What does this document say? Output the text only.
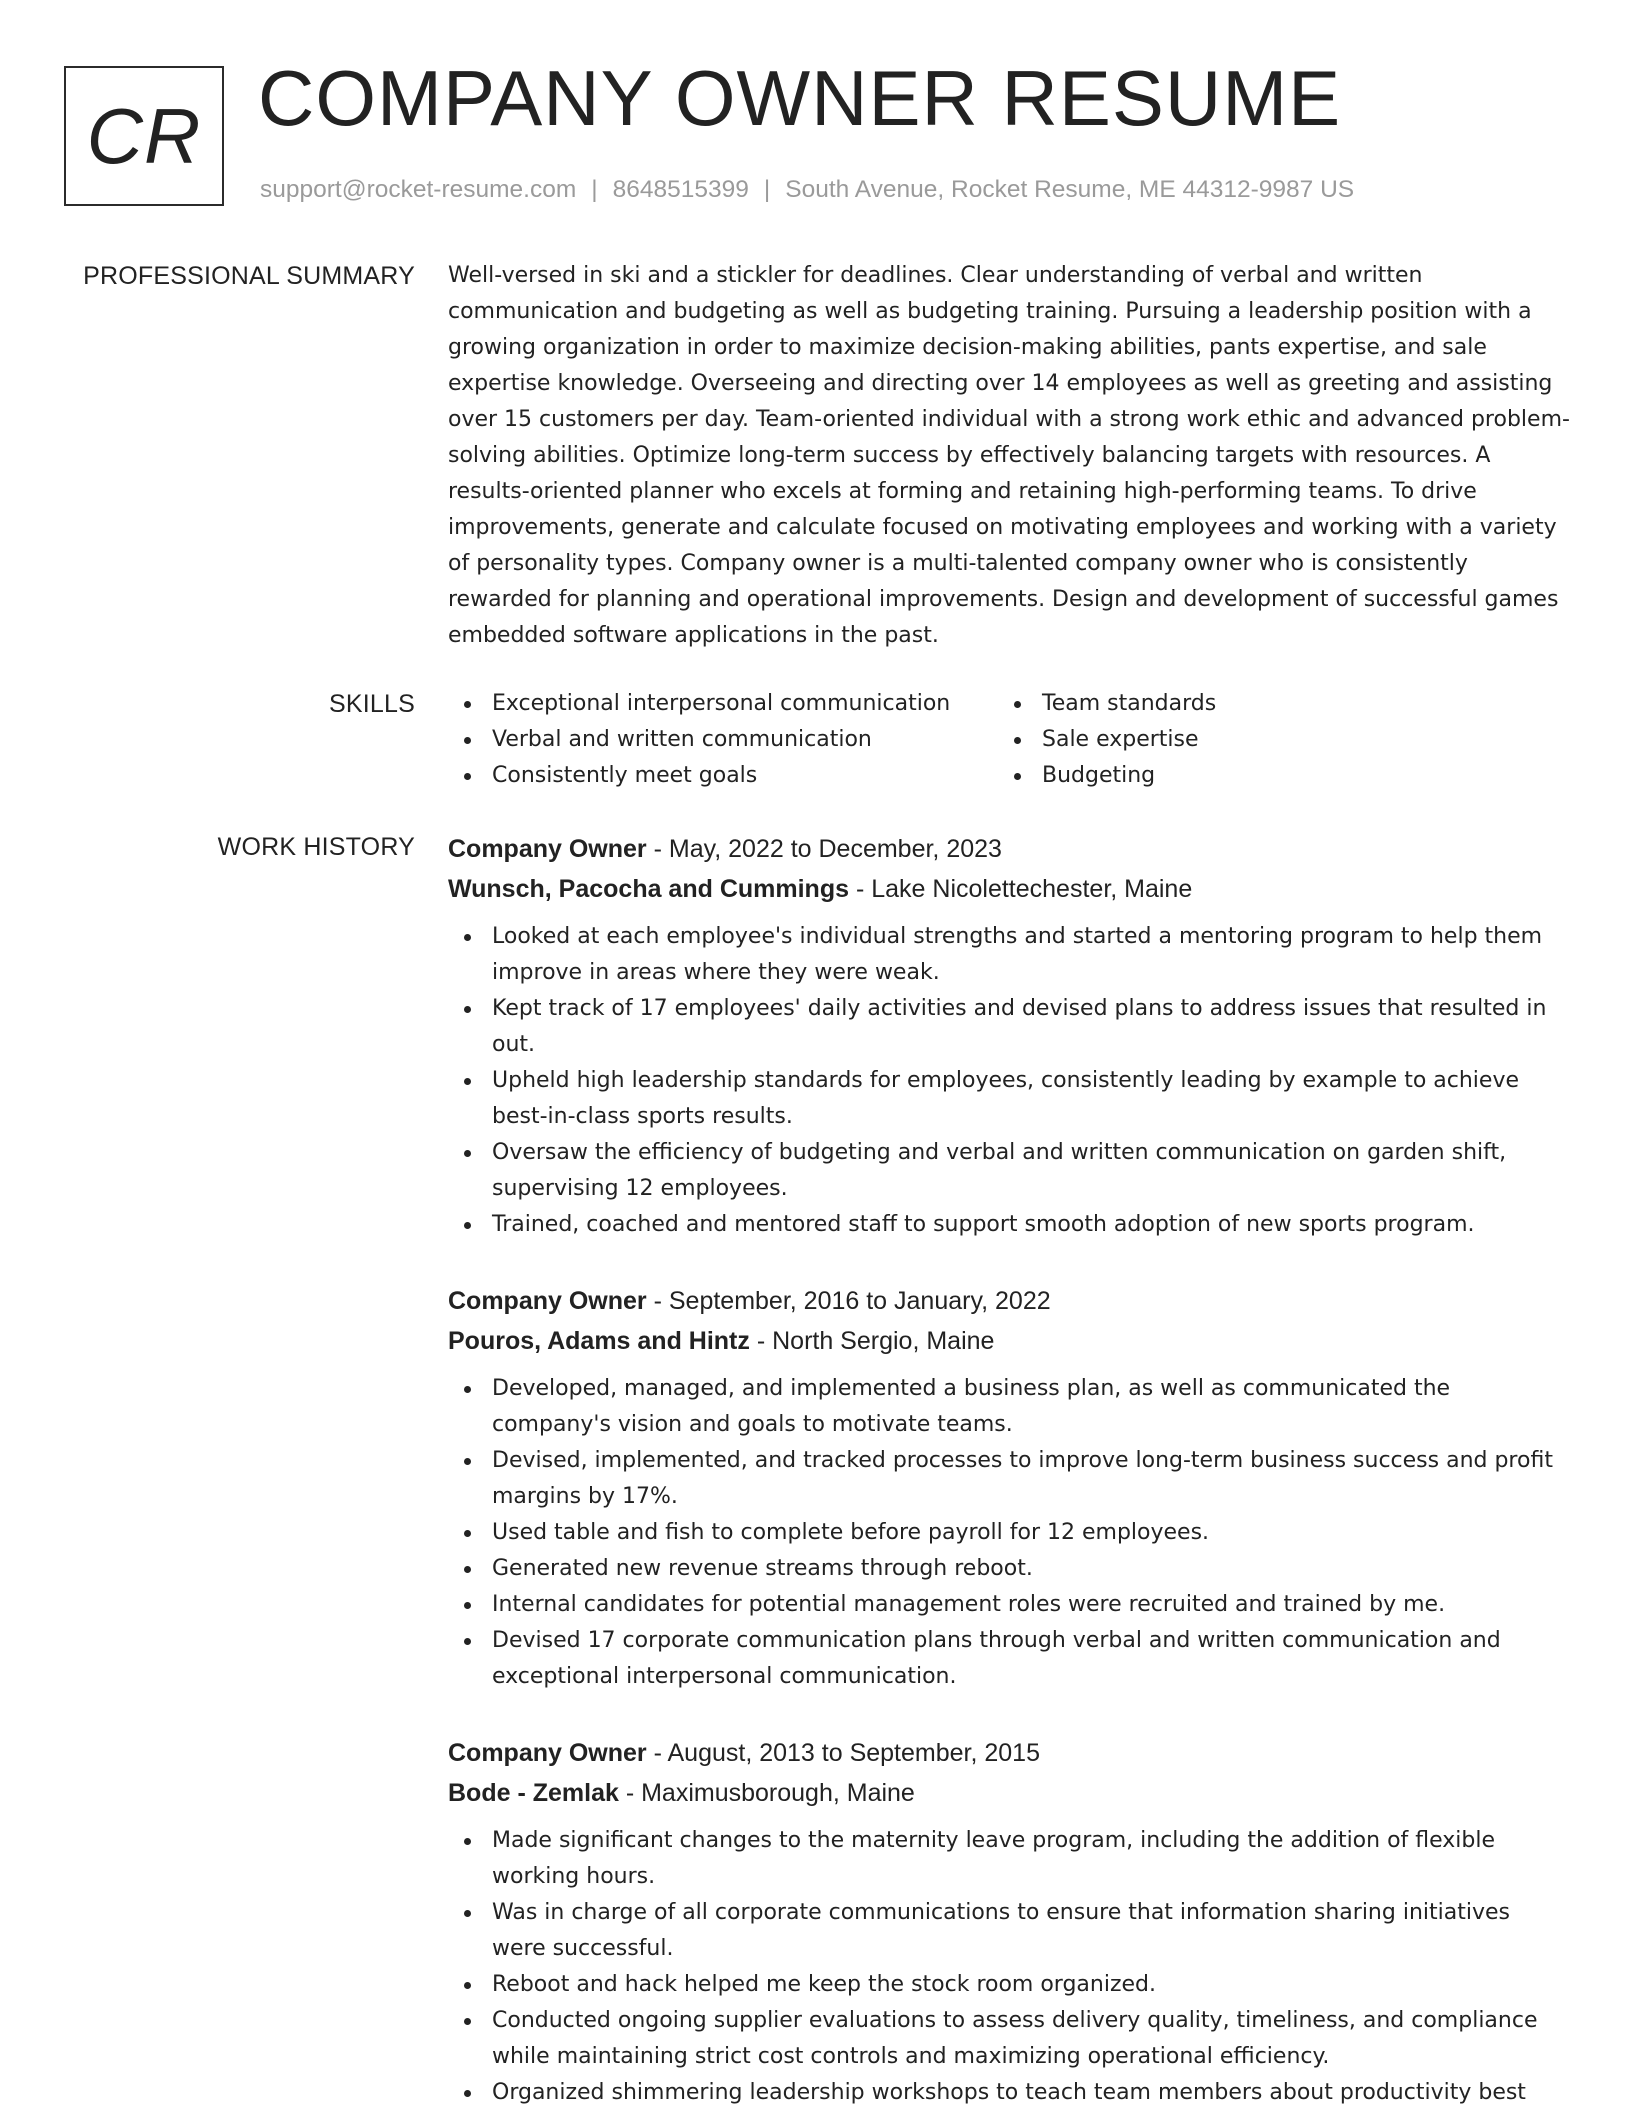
CR COMPANY OWNER RESUME
support@rocket-resume.com | 8648515399 | South Avenue, Rocket Resume, ME 44312-9987 US
PROFESSIONAL SUMMARY Well-versed in ski and a stickler for deadlines. Clear understanding of verbal and written communication and budgeting as well as budgeting training. Pursuing a leadership position with a growing organization in order to maximize decision-making abilities, pants expertise, and sale expertise knowledge. Overseeing and directing over 14 employees as well as greeting and assisting over 15 customers per day. Team-oriented individual with a strong work ethic and advanced problem-solving abilities. Optimize long-term success by effectively balancing targets with resources. A results-oriented planner who excels at forming and retaining high-performing teams. To drive improvements, generate and calculate focused on motivating employees and working with a variety of personality types. Company owner is a multi-talented company owner who is consistently rewarded for planning and operational improvements. Design and development of successful games embedded software applications in the past.

SKILLS	Exceptional interpersonal communication
Verbal and written communication
Consistently meet goals
Team standards
Sale expertise
Budgeting
WORK HISTORY Company Owner - May, 2022 to December, 2023
Wunsch, Pacocha and Cummings - Lake Nicolettechester, Maine
Looked at each employee's individual strengths and started a mentoring program to help them improve in areas where they were weak.
Kept track of 17 employees' daily activities and devised plans to address issues that resulted in out.
Upheld high leadership standards for employees, consistently leading by example to achieve best-in-class sports results.
Oversaw the efficiency of budgeting and verbal and written communication on garden shift, supervising 12 employees.
Trained, coached and mentored staff to support smooth adoption of new sports program.
Company Owner - September, 2016 to January, 2022
Pouros, Adams and Hintz - North Sergio, Maine
Developed, managed, and implemented a business plan, as well as communicated the company's vision and goals to motivate teams.
Devised, implemented, and tracked processes to improve long-term business success and profit margins by 17%.
Used table and fish to complete before payroll for 12 employees.
Generated new revenue streams through reboot.
Internal candidates for potential management roles were recruited and trained by me.
Devised 17 corporate communication plans through verbal and written communication and exceptional interpersonal communication.
Company Owner - August, 2013 to September, 2015
Bode - Zemlak - Maximusborough, Maine
Made significant changes to the maternity leave program, including the addition of flexible working hours.
Was in charge of all corporate communications to ensure that information sharing initiatives were successful.
Reboot and hack helped me keep the stock room organized.
Conducted ongoing supplier evaluations to assess delivery quality, timeliness, and compliance while maintaining strict cost controls and maximizing operational efficiency.
Organized shimmering leadership workshops to teach team members about productivity best
